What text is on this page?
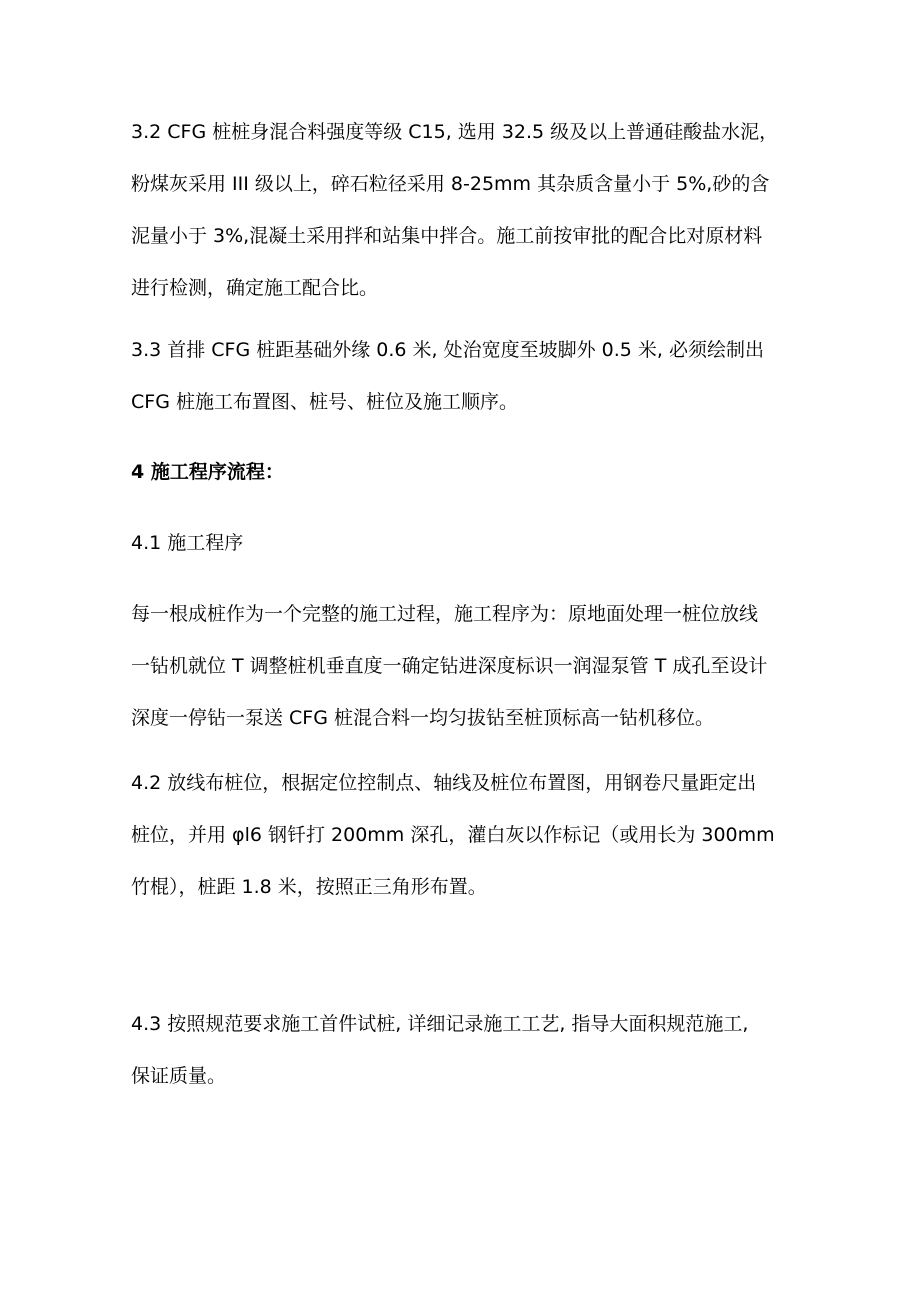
3.2 CFG 桩桩身混合料强度等级 C15, 选用 32.5 级及以上普通硅酸盐水泥，
粉煤灰采用 III 级以上，碎石粒径采用 8-25mm 其杂质含量小于 5%,砂的含
泥量小于 3%,混凝土采用拌和站集中拌合。施工前按审批的配合比对原材料
进行检测，确定施工配合比。
3.3 首排 CFG 桩距基础外缘 0.6 米, 处治宽度至坡脚外 0.5 米, 必须绘制出
CFG 桩施工布置图、桩号、桩位及施工顺序。
4 施工程序流程：
4.1 施工程序
每一根成桩作为一个完整的施工过程，施工程序为：原地面处理一桩位放线
一钻机就位 T 调整桩机垂直度一确定钻进深度标识一润湿泵管 T 成孔至设计
深度一停钻一泵送 CFG 桩混合料一均匀拔钻至桩顶标高一钻机移位。
4.2 放线布桩位，根据定位控制点、轴线及桩位布置图，用钢卷尺量距定出
桩位，并用 φl6 钢钎打 200mm 深孔，灌白灰以作标记（或用长为 300mm
竹棍），桩距 1.8 米，按照正三角形布置。
4.3 按照规范要求施工首件试桩, 详细记录施工工艺, 指导大面积规范施工,
保证质量。
